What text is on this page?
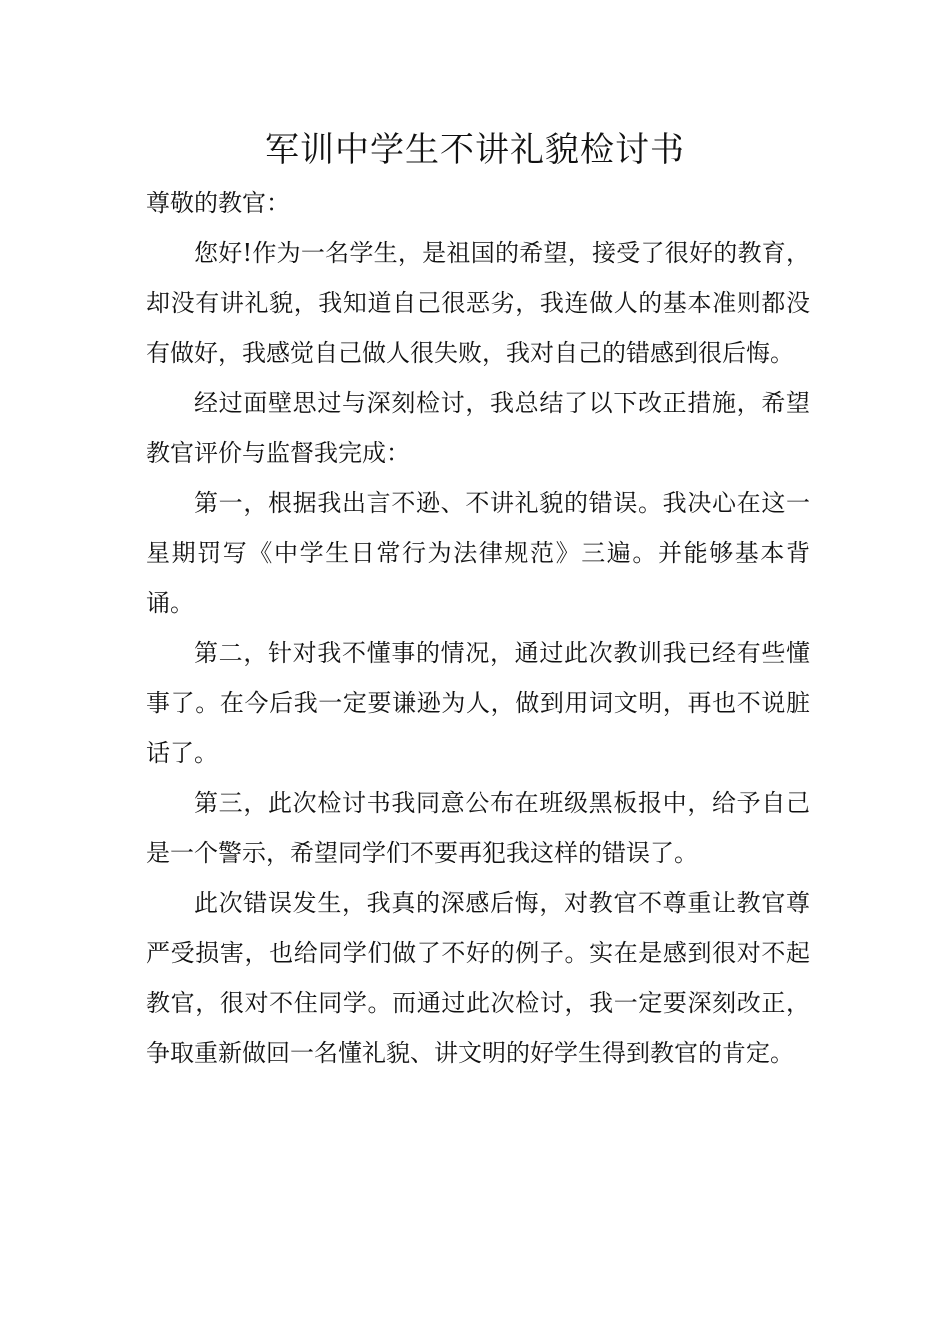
军训中学生不讲礼貌检讨书

尊敬的教官：

您好!作为一名学生，是祖国的希望，接受了很好的教育，却没有讲礼貌，我知道自己很恶劣，我连做人的基本准则都没有做好，我感觉自己做人很失败，我对自己的错感到很后悔。

经过面壁思过与深刻检讨，我总结了以下改正措施，希望教官评价与监督我完成：

第一，根据我出言不逊、不讲礼貌的错误。我决心在这一星期罚写《中学生日常行为法律规范》三遍。并能够基本背诵。

第二，针对我不懂事的情况，通过此次教训我已经有些懂事了。在今后我一定要谦逊为人，做到用词文明，再也不说脏话了。

第三，此次检讨书我同意公布在班级黑板报中，给予自己是一个警示，希望同学们不要再犯我这样的错误了。

此次错误发生，我真的深感后悔，对教官不尊重让教官尊严受损害，也给同学们做了不好的例子。实在是感到很对不起教官，很对不住同学。而通过此次检讨，我一定要深刻改正，争取重新做回一名懂礼貌、讲文明的好学生得到教官的肯定。
